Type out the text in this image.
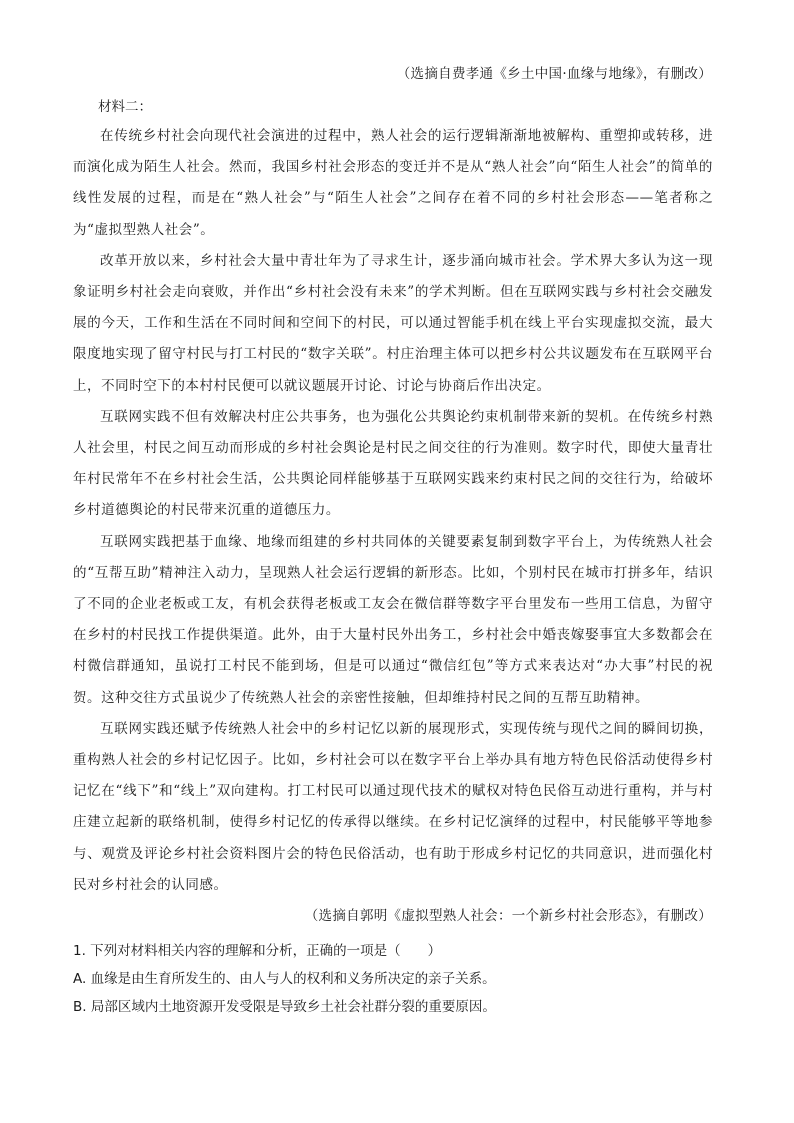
（选摘自费孝通《乡土中国·血缘与地缘》，有删改）
材料二：

在传统乡村社会向现代社会演进的过程中，熟人社会的运行逻辑渐渐地被解构、重塑抑或转移，进而演化成为陌生人社会。然而，我国乡村社会形态的变迁并不是从“熟人社会”向“陌生人社会”的简单的线性发展的过程，而是在“熟人社会”与“陌生人社会”之间存在着不同的乡村社会形态——笔者称之为“虚拟型熟人社会”。

改革开放以来，乡村社会大量中青壮年为了寻求生计，逐步涌向城市社会。学术界大多认为这一现象证明乡村社会走向衰败，并作出“乡村社会没有未来”的学术判断。但在互联网实践与乡村社会交融发展的今天，工作和生活在不同时间和空间下的村民，可以通过智能手机在线上平台实现虚拟交流，最大限度地实现了留守村民与打工村民的“数字关联”。村庄治理主体可以把乡村公共议题发布在互联网平台上，不同时空下的本村村民便可以就议题展开讨论、讨论与协商后作出决定。

互联网实践不但有效解决村庄公共事务，也为强化公共舆论约束机制带来新的契机。在传统乡村熟人社会里，村民之间互动而形成的乡村社会舆论是村民之间交往的行为准则。数字时代，即使大量青壮年村民常年不在乡村社会生活，公共舆论同样能够基于互联网实践来约束村民之间的交往行为，给破坏乡村道德舆论的村民带来沉重的道德压力。

互联网实践把基于血缘、地缘而组建的乡村共同体的关键要素复制到数字平台上，为传统熟人社会的“互帮互助”精神注入动力，呈现熟人社会运行逻辑的新形态。比如，个别村民在城市打拼多年，结识了不同的企业老板或工友，有机会获得老板或工友会在微信群等数字平台里发布一些用工信息，为留守在乡村的村民找工作提供渠道。此外，由于大量村民外出务工，乡村社会中婚丧嫁娶事宜大多数都会在村微信群通知，虽说打工村民不能到场，但是可以通过“微信红包”等方式来表达对“办大事”村民的祝贺。这种交往方式虽说少了传统熟人社会的亲密性接触，但却维持村民之间的互帮互助精神。

互联网实践还赋予传统熟人社会中的乡村记忆以新的展现形式，实现传统与现代之间的瞬间切换，重构熟人社会的乡村记忆因子。比如，乡村社会可以在数字平台上举办具有地方特色民俗活动使得乡村记忆在“线下”和“线上”双向建构。打工村民可以通过现代技术的赋权对特色民俗互动进行重构，并与村庄建立起新的联络机制，使得乡村记忆的传承得以继续。在乡村记忆演绎的过程中，村民能够平等地参与、观赏及评论乡村社会资料图片会的特色民俗活动，也有助于形成乡村记忆的共同意识，进而强化村民对乡村社会的认同感。

（选摘自郭明《虚拟型熟人社会：一个新乡村社会形态》，有删改）
1. 下列对材料相关内容的理解和分析，正确的一项是（　　）
A. 血缘是由生育所发生的、由人与人的权利和义务所决定的亲子关系。
B. 局部区域内土地资源开发受限是导致乡土社会社群分裂的重要原因。
